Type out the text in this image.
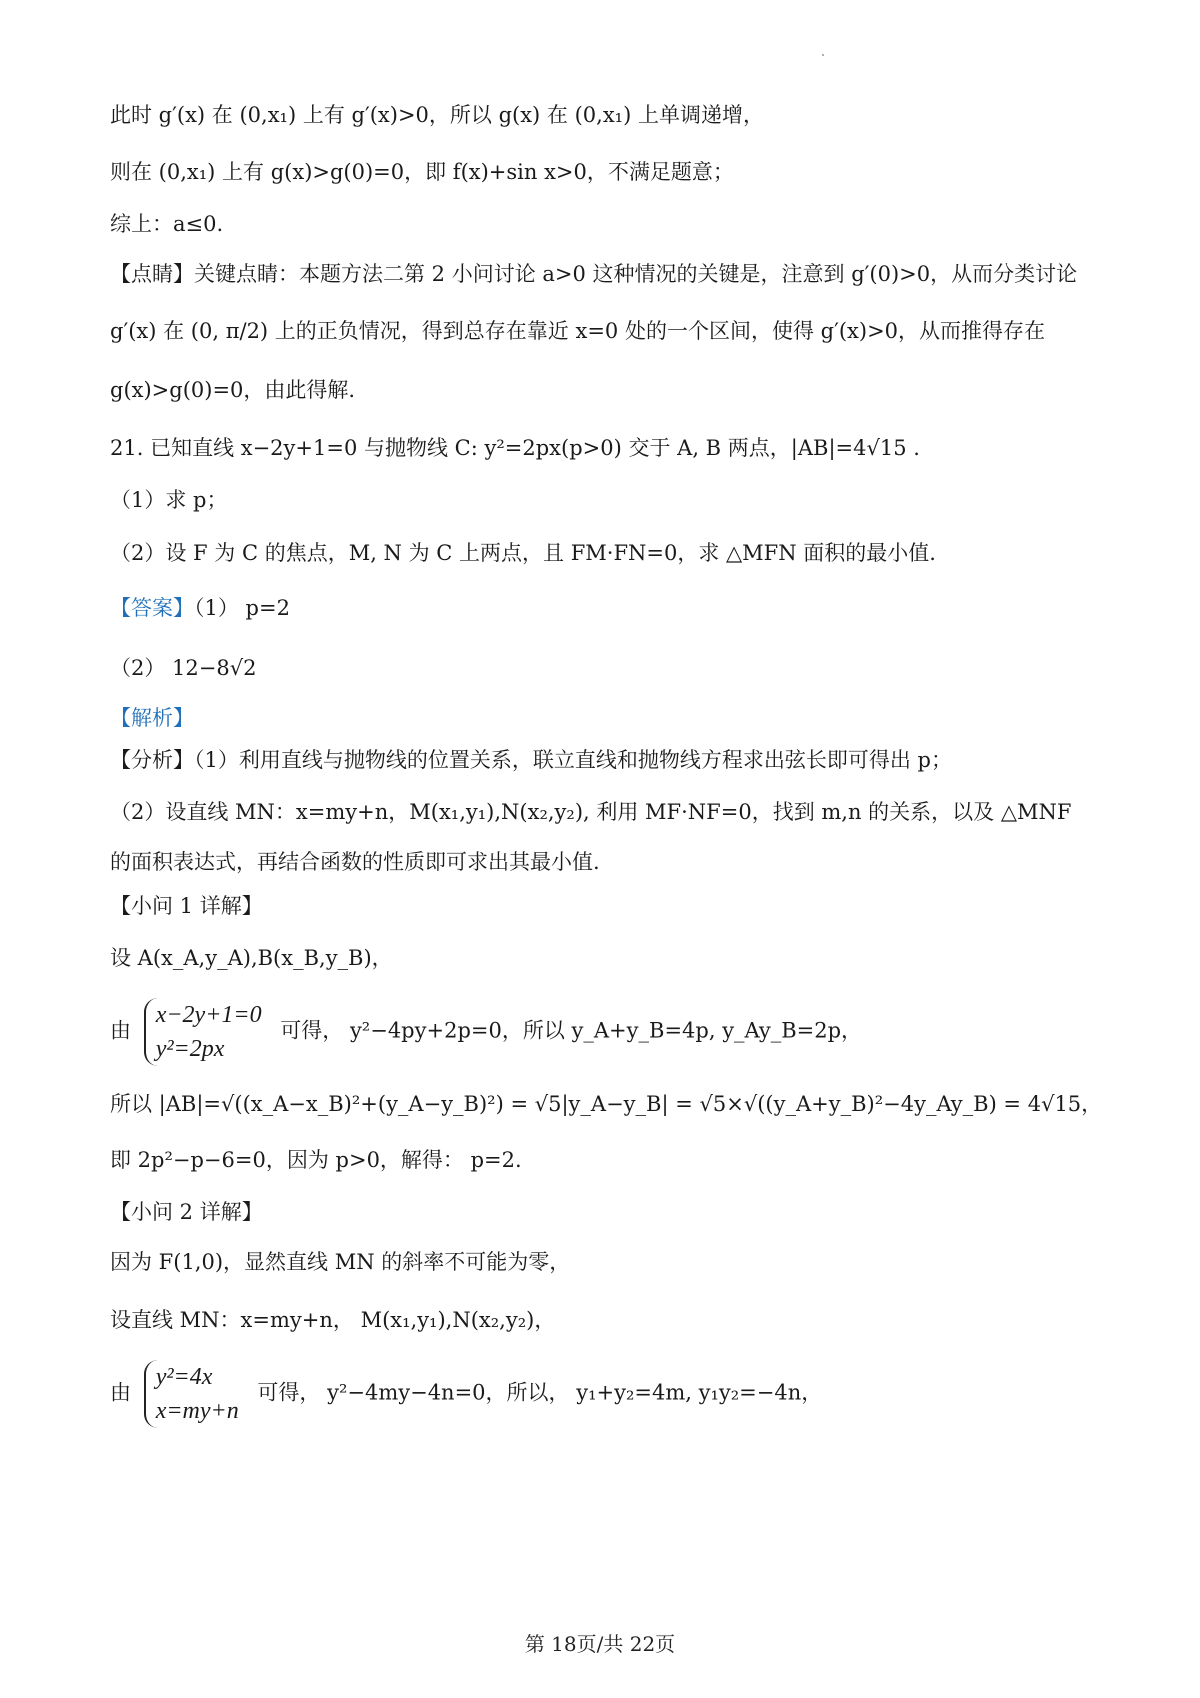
此时 g′(x) 在 (0,x₁) 上有 g′(x)>0，所以 g(x) 在 (0,x₁) 上单调递增，
则在 (0,x₁) 上有 g(x)>g(0)=0，即 f(x)+sin x>0，不满足题意；
综上：a≤0.
【点睛】关键点睛：本题方法二第 2 小问讨论 a>0 这种情况的关键是，注意到 g′(0)>0，从而分类讨论
g′(x) 在 (0, π/2) 上的正负情况，得到总存在靠近 x=0 处的一个区间，使得 g′(x)>0，从而推得存在
g(x)>g(0)=0，由此得解.
21. 已知直线 x−2y+1=0 与抛物线 C: y²=2px(p>0) 交于 A, B 两点，|AB|=4√15 .
（1）求 p；
（2）设 F 为 C 的焦点，M, N 为 C 上两点，且 FM·FN=0，求 △MFN 面积的最小值.
【答案】（1） p=2
（2） 12−8√2
【解析】
【分析】（1）利用直线与抛物线的位置关系，联立直线和抛物线方程求出弦长即可得出 p；
（2）设直线 MN：x=my+n，M(x₁,y₁),N(x₂,y₂), 利用 MF·NF=0，找到 m,n 的关系，以及 △MNF
的面积表达式，再结合函数的性质即可求出其最小值.
【小问 1 详解】
设 A(x_A,y_A),B(x_B,y_B)，
由
x−2y+1=0
y²=2px
可得， y²−4py+2p=0，所以 y_A+y_B=4p, y_Ay_B=2p，
所以 |AB|=√((x_A−x_B)²+(y_A−y_B)²) = √5|y_A−y_B| = √5×√((y_A+y_B)²−4y_Ay_B) = 4√15，
即 2p²−p−6=0，因为 p>0，解得： p=2.
【小问 2 详解】
因为 F(1,0)，显然直线 MN 的斜率不可能为零，
设直线 MN：x=my+n， M(x₁,y₁),N(x₂,y₂)，
由
y²=4x
x=my+n
可得， y²−4my−4n=0，所以， y₁+y₂=4m, y₁y₂=−4n，
第 18页/共 22页
